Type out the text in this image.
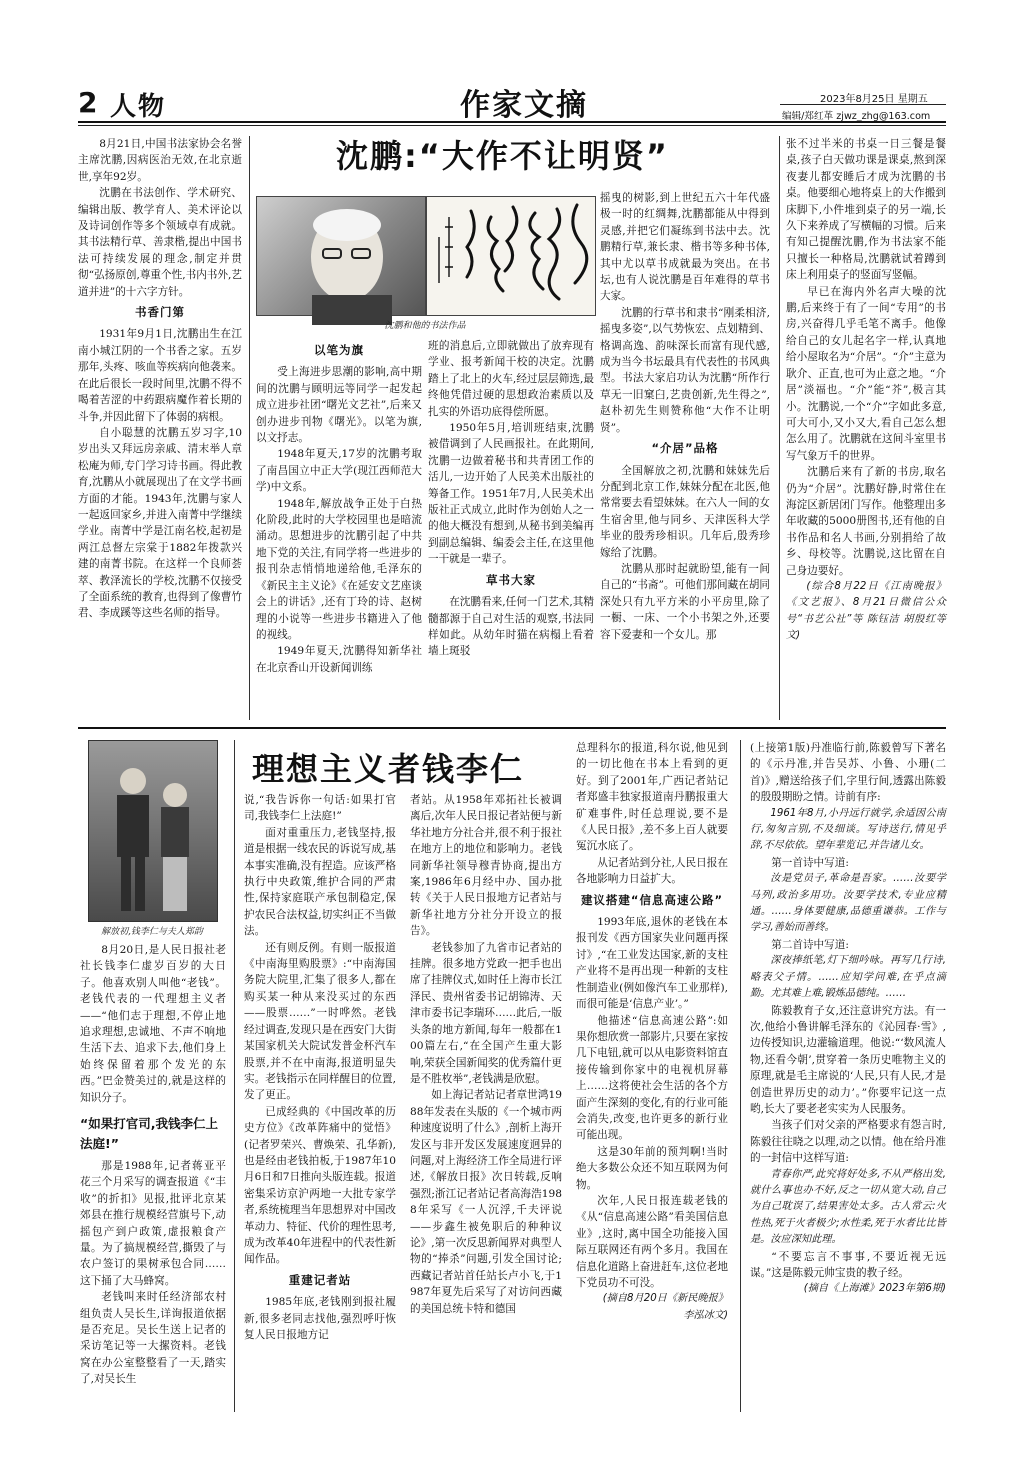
2 人物	作家文摘	2023年8月25日 星期五
编辑/郑红革 zjwz_zhg@163.com
沈鹏:“大作不让明贤”
沈鹏和他的书法作品

8月21日,中国书法家协会名誉主席沈鹏,因病医治无效,在北京逝世,享年92岁。

沈鹏在书法创作、学术研究、编辑出版、教学育人、美术评论以及诗词创作等多个领域卓有成就。其书法精行草、善隶楷,提出中国书法可持续发展的理念,制定并贯彻“弘扬原创,尊重个性,书内书外,艺道并进”的十六字方针。

书香门第

1931年9月1日,沈鹏出生在江南小城江阴的一个书香之家。五岁那年,头疼、咳血等疾病向他袭来。在此后很长一段时间里,沈鹏不得不喝着苦涩的中药跟病魔作着长期的斗争,并因此留下了体弱的病根。

自小聪慧的沈鹏五岁习字,10岁出头又拜远房亲戚、清末举人章松庵为师,专门学习诗书画。得此教育,沈鹏从小就展现出了在文学书画方面的才能。1943年,沈鹏与家人一起返回家乡,并进入南菁中学继续学业。南菁中学是江南名校,起初是两江总督左宗棠于1882年拨款兴建的南菁书院。在这样一个良师荟萃、教泽流长的学校,沈鹏不仅接受了全面系统的教育,也得到了像曹竹君、李成蹊等这些名师的指导。

以笔为旗

受上海进步思潮的影响,高中期间的沈鹏与顾明远等同学一起发起成立进步社团“曙光文艺社”,后来又创办进步刊物《曙光》。以笔为旗,以文抒志。

1948年夏天,17岁的沈鹏考取了南昌国立中正大学(现江西师范大学)中文系。

1948年,解放战争正处于白热化阶段,此时的大学校园里也是暗流涌动。思想进步的沈鹏引起了中共地下党的关注,有同学将一些进步的报刊杂志悄悄地递给他,毛泽东的《新民主主义论》《在延安文艺座谈会上的讲话》,还有丁玲的诗、赵树理的小说等一些进步书籍进入了他的视线。

1949年夏天,沈鹏得知新华社在北京香山开设新闻训练

班的消息后,立即就做出了放弃现有学业、报考新闻干校的决定。沈鹏踏上了北上的火车,经过层层筛选,最终他凭借过硬的思想政治素质以及扎实的外语功底得偿所愿。

1950年5月,培训班结束,沈鹏被借调到了人民画报社。在此期间,沈鹏一边做着秘书和共青团工作的活儿,一边开始了人民美术出版社的筹备工作。1951年7月,人民美术出版社正式成立,此时作为创始人之一的他大概没有想到,从秘书到美编再到副总编辑、编委会主任,在这里他一干就是一辈子。

草书大家

在沈鹏看来,任何一门艺术,其精髓都源于自己对生活的观察,书法同样如此。从幼年时猫在病榻上看着墙上斑驳

摇曳的树影,到上世纪五六十年代盛极一时的红绸舞,沈鹏都能从中得到灵感,并把它们凝练到书法中去。沈鹏精行草,兼长隶、楷书等多种书体,其中尤以草书成就最为突出。在书坛,也有人说沈鹏是百年难得的草书大家。

沈鹏的行草书和隶书“刚柔相济,摇曳多姿”,以气势恢宏、点划精到、格调高逸、韵味深长而富有现代感,成为当今书坛最具有代表性的书风典型。书法大家启功认为沈鹏“所作行草无一旧窠臼,艺贵创新,先生得之”,赵朴初先生则赞称他“大作不让明贤”。

“介居”品格

全国解放之初,沈鹏和妹妹先后分配到北京工作,妹妹分配在北医,他常常要去看望妹妹。在六人一间的女生宿舍里,他与同乡、天津医科大学毕业的殷秀珍相识。几年后,殷秀珍嫁给了沈鹏。

沈鹏从那时起就盼望,能有一间自己的“书斋”。可他们那间藏在胡同深处只有九平方米的小平房里,除了一橱、一床、一个小书架之外,还要容下爱妻和一个女儿。那

张不过半米的书桌一日三餐是餐桌,孩子白天做功课是课桌,熬到深夜妻儿都安睡后才成为沈鹏的书桌。他要细心地将桌上的大作搬到床脚下,小件堆到桌子的另一端,长久下来养成了写横幅的习惯。后来有知己提醒沈鹏,作为书法家不能只擅长一种格局,沈鹏就试着蹲到床上利用桌子的竖面写竖幅。

早已在海内外名声大噪的沈鹏,后来终于有了一间“专用”的书房,兴奋得几乎毛笔不离手。他像给自己的女儿起名字一样,认真地给小屋取名为“介居”。“介”主意为耿介、正直,也可为止意之地。“介居”淡福也。“介”能“芥”,极言其小。沈鹏说,一个“介”字如此多意,可大可小,又小又大,看自己怎么想怎么用了。沈鹏就在这间斗室里书写气象万千的世界。

沈鹏后来有了新的书房,取名仍为“介居”。沈鹏好静,时常住在海淀区新居闭门写作。他整理出多年收藏的5000册图书,还有他的自书作品和名人书画,分别捐给了故乡、母校等。沈鹏说,这比留在自己身边要好。

(综合8月22日《江南晚报》《文艺报》、8月21日微信公众号“书艺公社”等 陈钰洁 胡殷红等文)

解放初,钱李仁与夫人郑韵
理想主义者钱李仁

8月20日,是人民日报社老社长钱李仁虚岁百岁的大日子。他喜欢别人叫他“老钱”。老钱代表的一代理想主义者——“他们志于理想,不停止地追求理想,忠诚地、不声不响地生活下去、追求下去,他们身上始终保留着那个发光的东西。”巴金赞美过的,就是这样的知识分子。

“如果打官司,我钱李仁上法庭!”

那是1988年,记者蒋亚平花三个月采写的调查报道《“丰收”的折扣》见报,批评北京某郊县在推行规模经营旗号下,动摇包产到户政策,虚报粮食产量。为了搞规模经营,撕毁了与农户签订的果树承包合同……这下捅了大马蜂窝。

老钱叫来时任经济部农村组负责人吴长生,详询报道依据是否充足。吴长生送上记者的采访笔记等一大摞资料。老钱窝在办公室整整看了一天,踏实了,对吴长生

说,“我告诉你一句话:如果打官司,我钱李仁上法庭!”

面对重重压力,老钱坚持,报道是根据一线农民的诉说写成,基本事实准确,没有捏造。应该严格执行中央政策,维护合同的严肃性,保持家庭联产承包制稳定,保护农民合法权益,切实纠正不当做法。

还有则反例。有则一版报道《中南海里购股票》:“中南海国务院大院里,汇集了很多人,都在购买某一种从来没买过的东西——股票……”一时哗然。老钱经过调查,发现只是在西安门大街某国家机关大院试发普金杯汽车股票,并不在中南海,报道明显失实。老钱指示在同样醒目的位置,发了更正。

已成经典的《中国改革的历史方位》《改革阵痛中的觉悟》(记者罗荣兴、曹焕荣、孔华新),也是经由老钱拍板,于1987年10月6日和7日推向头版连载。报道密集采访京沪两地一大批专家学者,系统梳理当年思想界对中国改革动力、特征、代价的理性思考,成为改革40年进程中的代表性新闻作品。

重建记者站

1985年底,老钱刚到报社履新,很多老同志找他,强烈呼吁恢复人民日报地方记

者站。从1958年邓拓社长被调离后,次年人民日报记者站便与新华社地方分社合并,很不利于报社在地方上的地位和影响力。老钱同新华社领导穆青协商,提出方案,1986年6月经中办、国办批转《关于人民日报地方记者站与新华社地方分社分开设立的报告》。

老钱参加了九省市记者站的挂牌。很多地方党政一把手也出席了挂牌仪式,如时任上海市长江泽民、贵州省委书记胡锦涛、天津市委书记李瑞环……此后,一版头条的地方新闻,每年一般都在100篇左右,“在全国产生重大影响,荣获全国新闻奖的优秀篇什更是不胜枚举”,老钱满是欣慰。

如上海记者站记者章世鸿1988年发表在头版的《一个城市两种速度说明了什么》,剖析上海开发区与非开发区发展速度迥异的问题,对上海经济工作全局进行评述,《解放日报》次日转载,反响强烈;浙江记者站记者高海浩1988年采写《一人沉浮,千夫评说——步鑫生被免职后的种种议论》,第一次反思新闻界对典型人物的“捧杀”问题,引发全国讨论;西藏记者站首任站长卢小飞,于1987年夏先后采写了对访问西藏的美国总统卡特和德国

总理科尔的报道,科尔说,他见到的一切比他在书本上看到的更好。到了2001年,广西记者站记者郑盛丰独家报道南丹鹏报重大矿难事件,时任总理说,要不是《人民日报》,差不多上百人就要冤沉水底了。

从记者站到分社,人民日报在各地影响力日益扩大。

建议搭建“信息高速公路”

1993年底,退休的老钱在本报刊发《西方国家失业问题再探讨》,“在工业发达国家,新的支柱产业将不是再出现一种新的支柱性制造业(例如像汽车工业那样),而很可能是‘信息产业’。”

他描述“信息高速公路”:如果你想欣赏一部影片,只要在家按几下电钮,就可以从电影资料馆直接传输到你家中的电视机屏幕上……这将使社会生活的各个方面产生深刻的变化,有的行业可能会消失,改变,也许更多的新行业可能出现。

这是30年前的预判啊!当时绝大多数公众还不知互联网为何物。

次年,人民日报连载老钱的《从“信息高速公路”看美国信息业》,这时,离中国全功能接入国际互联网还有两个多月。我国在信息化道路上奋进赶车,这位老地下党员功不可没。

(摘自8月20日《新民晚报》李泓冰文)

(上接第1版)丹准临行前,陈毅曾写下著名的《示丹准,并告吴苏、小鲁、小珊(二首)》,赠送给孩子们,字里行间,透露出陈毅的殷殷期盼之情。诗前有序:

1961年8月,小丹远行就学,余适因公南行,匆匆言别,不及细谈。写诗送行,情见乎辞,不尽依依。望年辈览记,并告诸儿女。

第一首诗中写道:

汝是党员子,革命是吾家。……汝要学马列,政治多用功。汝要学技术,专业应精通。……身体要健康,品德重谦恭。工作与学习,善始而善终。

第二首诗中写道:

深夜捧纸笔,灯下细吟咏。再写几行诗,略表父子情。……应知学问难,在乎点滴勤。尤其难上难,锻炼品德纯。……

陈毅教育子女,还注意讲究方法。有一次,他给小鲁讲解毛泽东的《沁园春·雪》,边传授知识,边灌输道理。他说:“‘数风流人物,还看今朝’,贯穿着一条历史唯物主义的原理,就是毛主席说的‘人民,只有人民,才是创造世界历史的动力’。”你要牢记这一点哟,长大了要老老实实为人民服务。

当孩子们对父亲的严格要求有怨言时,陈毅往往晓之以理,动之以情。他在给丹准的一封信中这样写道:

青春你严,此究将好处多,不从严格出发,就什么事也办不好,反之一切从宽大动,自己为自己耽误了,结果害处太多。古人常云:火性热,死于火者极少;水性柔,死于水者比比皆是。汝应深知此理。

“不要忘言不事事,不要近视无远谋。”这是陈毅元帅宝贵的教子经。

(摘自《上海滩》2023年第6期)
